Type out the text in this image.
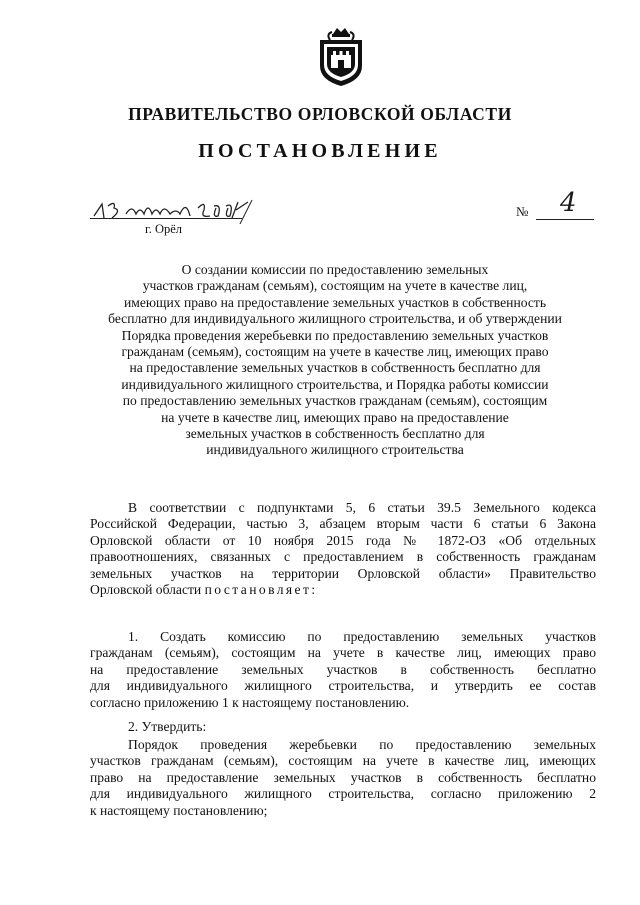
ПРАВИТЕЛЬСТВО ОРЛОВСКОЙ ОБЛАСТИ
ПОСТАНОВЛЕНИЕ
г. Орёл
№ 4
О создании комиссии по предоставлению земельных
участков гражданам (семьям), состоящим на учете в качестве лиц,
имеющих право на предоставление земельных участков в собственность
бесплатно для индивидуального жилищного строительства, и об утверждении
Порядка проведения жеребьевки по предоставлению земельных участков
гражданам (семьям), состоящим на учете в качестве лиц, имеющих право
на предоставление земельных участков в собственность бесплатно для
индивидуального жилищного строительства, и Порядка работы комиссии
по предоставлению земельных участков гражданам (семьям), состоящим
на учете в качестве лиц, имеющих право на предоставление
земельных участков в собственность бесплатно для
индивидуального жилищного строительства
В соответствии с подпунктами 5, 6 статьи 39.5 Земельного кодекса
Российской Федерации, частью 3, абзацем вторым части 6 статьи 6 Закона
Орловской области от 10 ноября 2015 года № 1872-ОЗ «Об отдельных
правоотношениях, связанных с предоставлением в собственность гражданам
земельных участков на территории Орловской области» Правительство
Орловской области постановляет:
1. Создать комиссию по предоставлению земельных участков
гражданам (семьям), состоящим на учете в качестве лиц, имеющих право
на предоставление земельных участков в собственность бесплатно
для индивидуального жилищного строительства, и утвердить ее состав
согласно приложению 1 к настоящему постановлению.
2. Утвердить:
Порядок проведения жеребьевки по предоставлению земельных
участков гражданам (семьям), состоящим на учете в качестве лиц, имеющих
право на предоставление земельных участков в собственность бесплатно
для индивидуального жилищного строительства, согласно приложению 2
к настоящему постановлению;
